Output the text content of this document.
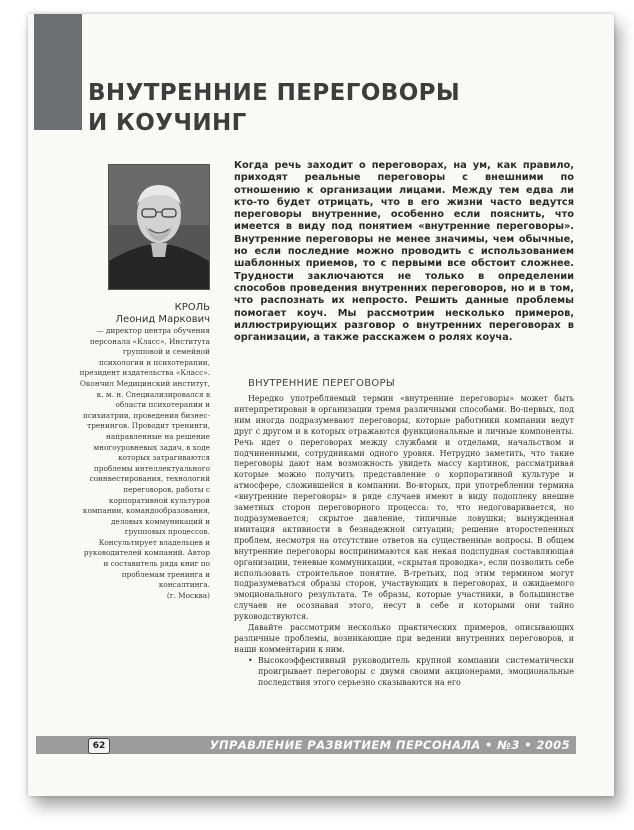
ВНУТРЕННИЕ ПЕРЕГОВОРЫ
И КОУЧИНГ
КРОЛЬ
Леонид Маркович
— директор центра обучения персонала «Класс», Института групповой и семейной психологии и психотерапии, президент издательства «Класс». Окончил Медицинский институт, к. м. н. Специализировался в области психотерапии и психиатрии, проведения бизнес-тренингов. Проводит тренинги, направленные на решение многоуровневых задач, в ходе которых затрагиваются проблемы интеллектуального соинвестирования, технологий переговоров, работы с корпоративной культурой компании, командообразования, деловых коммуникаций и групповых процессов. Консультирует владельцев и руководителей компаний. Автор и составитель ряда книг по проблемам тренинга и консалтинга.
(г. Москва)
Когда речь заходит о переговорах, на ум, как правило, приходят реальные переговоры с внешними по отношению к организации лицами. Между тем едва ли кто-то будет отрицать, что в его жизни часто ведутся переговоры внутренние, особенно если пояснить, что имеется в виду под понятием «внутренние переговоры». Внутренние переговоры не менее значимы, чем обычные, но если последние можно проводить с использованием шаблонных приемов, то с первыми все обстоит сложнее. Трудности заключаются не только в определении способов проведения внутренних переговоров, но и в том, что распознать их непросто. Решить данные проблемы помогает коуч. Мы рассмотрим несколько примеров, иллюстрирующих разговор о внутренних переговорах в организации, а также расскажем о ролях коуча.
ВНУТРЕННИЕ ПЕРЕГОВОРЫ

Нередко употребляемый термин «внутренние переговоры» может быть интерпретирован в организации тремя различными способами. Во-первых, под ним иногда подразумевают переговоры, которые работники компании ведут друг с другом и в которых отражаются функциональные и личные компоненты. Речь идет о переговорах между службами и отделами, начальством и подчиненными, сотрудниками одного уровня. Нетрудно заметить, что такие переговоры дают нам возможность увидеть массу картинок, рассматривая которые можно получить представление о корпоративной культуре и атмосфере, сложившейся в компании. Во-вторых, при употреблении термина «внутренние переговоры» в ряде случаев имеют в виду подоплеку внешне заметных сторон переговорного процесса: то, что недоговаривается, но подразумевается; скрытое давление, типичные ловушки; вынужденная имитация активности в безнадежной ситуации; решение второстепенных проблем, несмотря на отсутствие ответов на существенные вопросы. В общем внутренние переговоры воспринимаются как некая подспудная составляющая организации, теневые коммуникации, «скрытая проводка», если позволить себе использовать строительное понятие. В-третьих, под этим термином могут подразумеваться образы сторон, участвующих в переговорах, и ожидаемого эмоционального результата. Те образы, которые участники, в большинстве случаев не осознавая этого, несут в себе и которыми они тайно руководствуются.

Давайте рассмотрим несколько практических примеров, описывающих различные проблемы, возникающие при ведении внутренних переговоров, и наши комментарии к ним.

• Высокоэффективный руководитель крупной компании систематически проигрывает переговоры с двумя своими акционерами, эмоциональные последствия этого серьезно сказываются на его

62	УПРАВЛЕНИЕ РАЗВИТИЕМ ПЕРСОНАЛА • №3 • 2005
